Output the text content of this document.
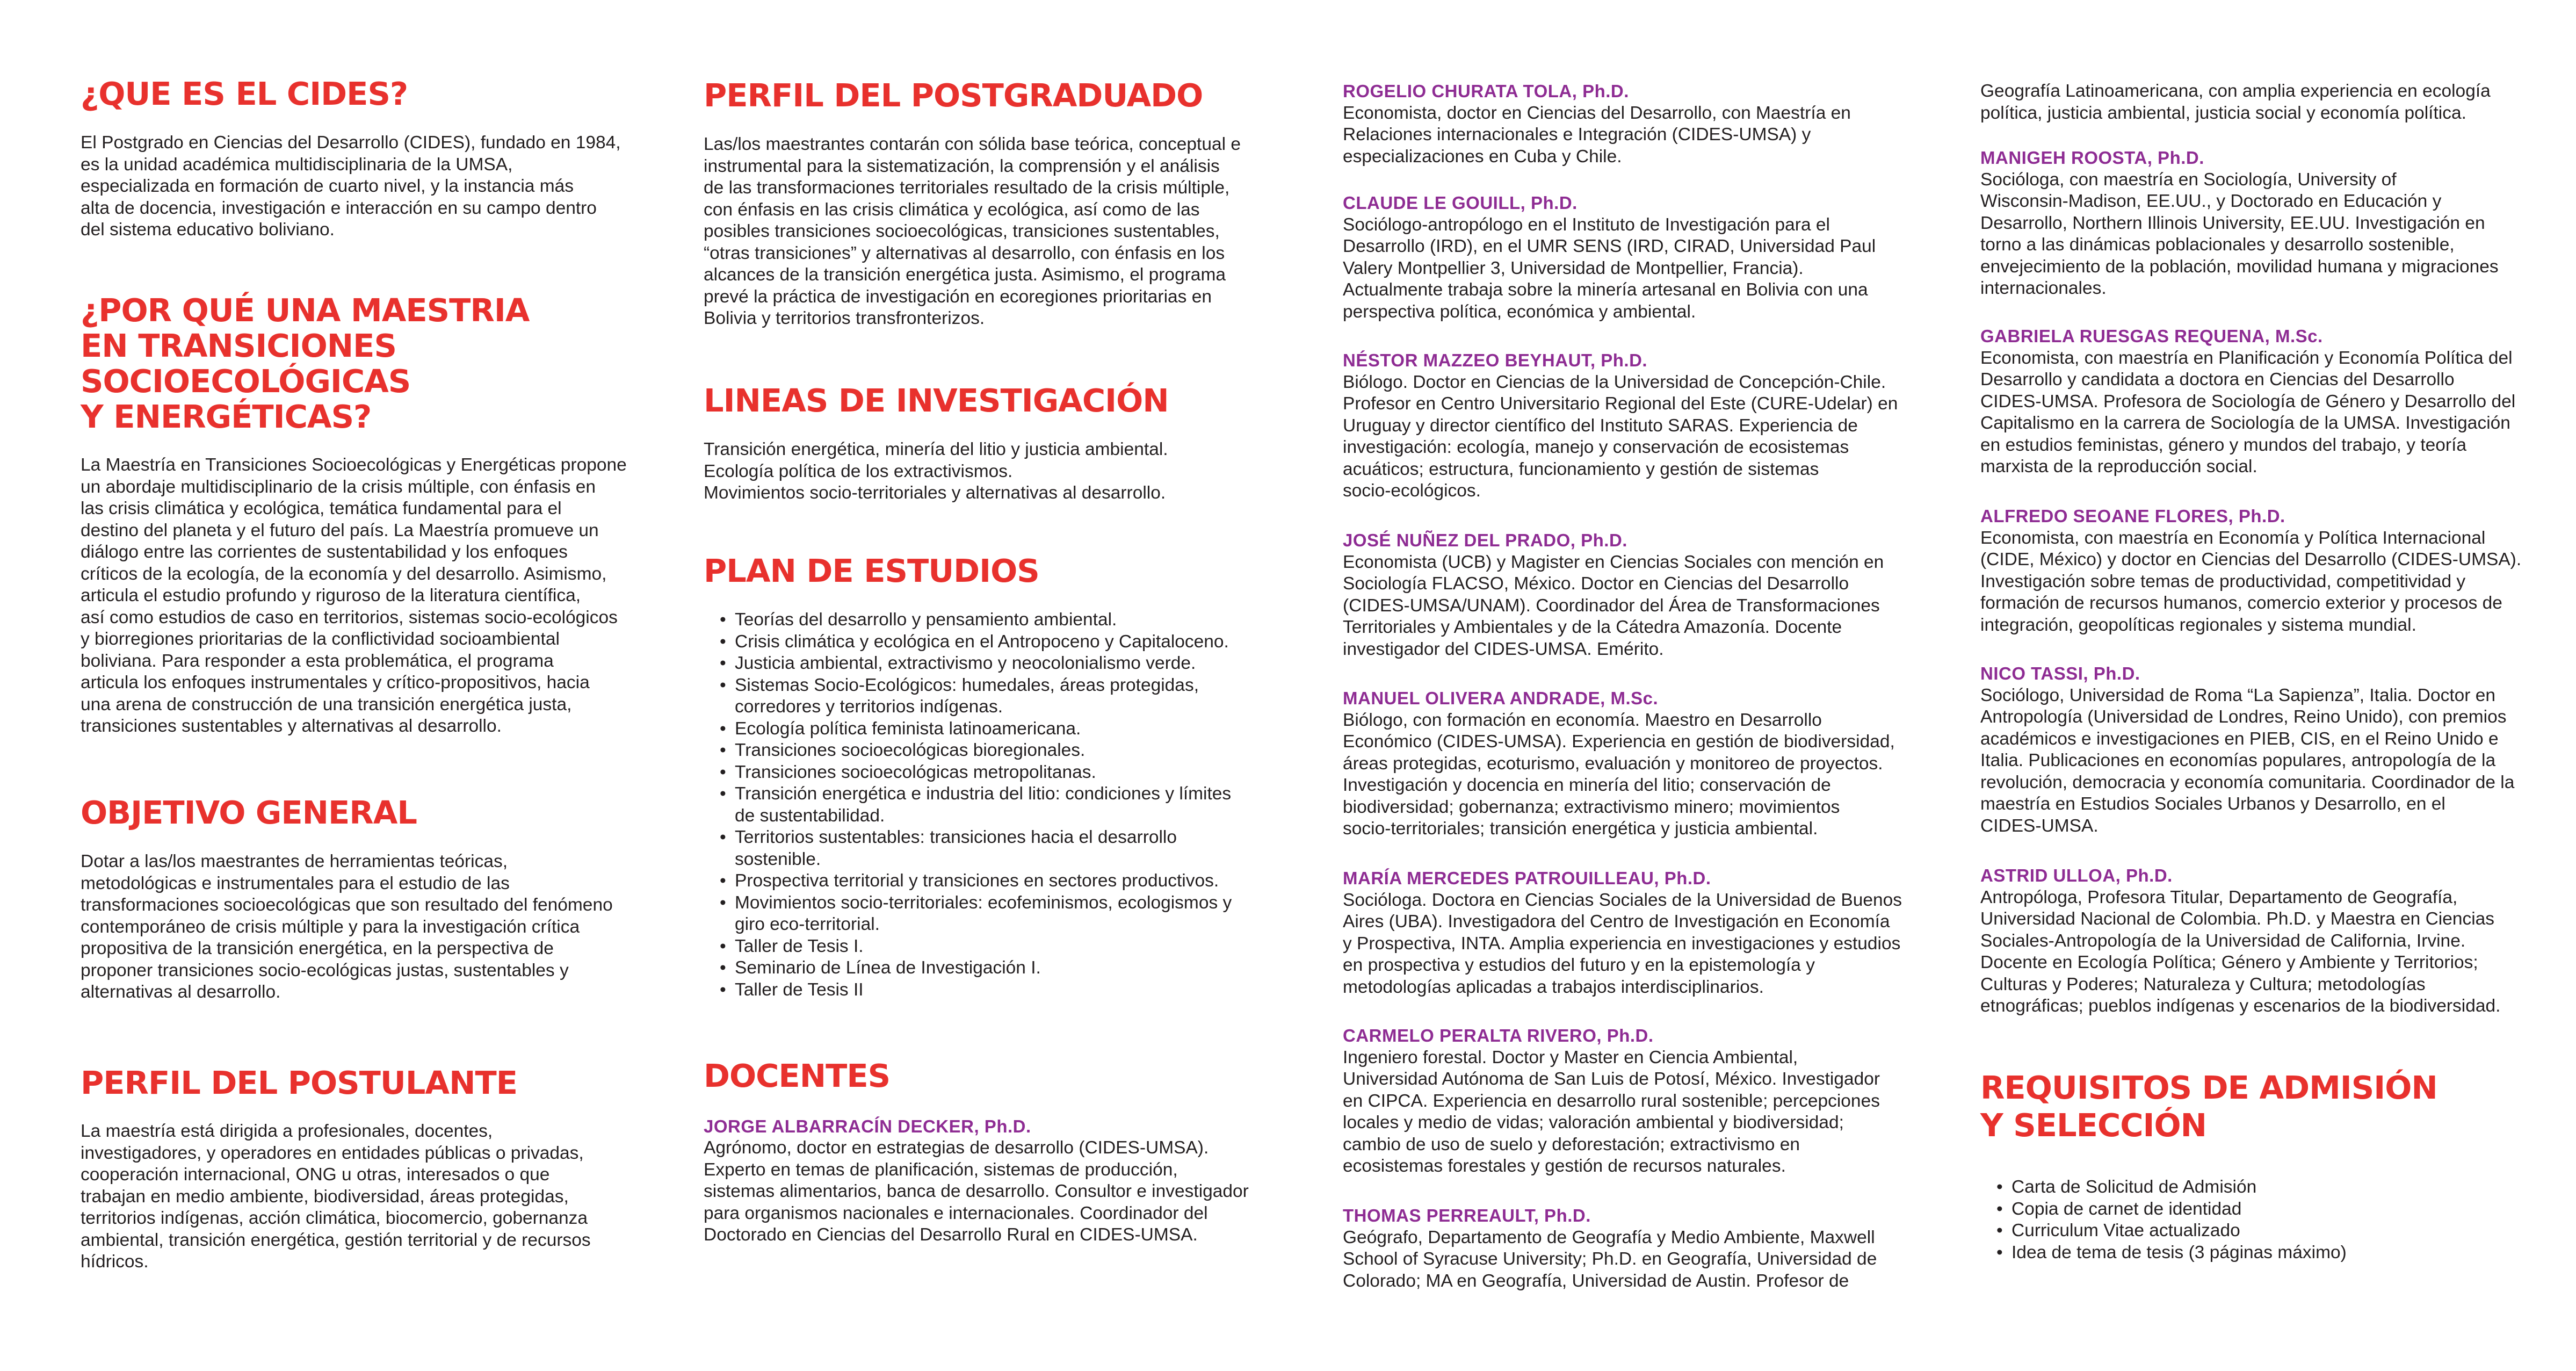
¿QUE ES EL CIDES?

El Postgrado en Ciencias del Desarrollo (CIDES), fundado en 1984,
es la unidad académica multidisciplinaria de la UMSA,
especializada en formación de cuarto nivel, y la instancia más
alta de docencia, investigación e interacción en su campo dentro
del sistema educativo boliviano.

¿POR QUÉ UNA MAESTRIA
EN TRANSICIONES
SOCIOECOLÓGICAS
Y ENERGÉTICAS?

La Maestría en Transiciones Socioecológicas y Energéticas propone
un abordaje multidisciplinario de la crisis múltiple, con énfasis en
las crisis climática y ecológica, temática fundamental para el
destino del planeta y el futuro del país. La Maestría promueve un
diálogo entre las corrientes de sustentabilidad y los enfoques
críticos de la ecología, de la economía y del desarrollo. Asimismo,
articula el estudio profundo y riguroso de la literatura científica,
así como estudios de caso en territorios, sistemas socio-ecológicos
y biorregiones prioritarias de la conflictividad socioambiental
boliviana. Para responder a esta problemática, el programa
articula los enfoques instrumentales y crítico-propositivos, hacia
una arena de construcción de una transición energética justa,
transiciones sustentables y alternativas al desarrollo.

OBJETIVO GENERAL

Dotar a las/los maestrantes de herramientas teóricas,
metodológicas e instrumentales para el estudio de las
transformaciones socioecológicas que son resultado del fenómeno
contemporáneo de crisis múltiple y para la investigación crítica
propositiva de la transición energética, en la perspectiva de
proponer transiciones socio-ecológicas justas, sustentables y
alternativas al desarrollo.

PERFIL DEL POSTULANTE

La maestría está dirigida a profesionales, docentes,
investigadores, y operadores en entidades públicas o privadas,
cooperación internacional, ONG u otras, interesados o que
trabajan en medio ambiente, biodiversidad, áreas protegidas,
territorios indígenas, acción climática, biocomercio, gobernanza
ambiental, transición energética, gestión territorial y de recursos
hídricos.

PERFIL DEL POSTGRADUADO

Las/los maestrantes contarán con sólida base teórica, conceptual e
instrumental para la sistematización, la comprensión y el análisis
de las transformaciones territoriales resultado de la crisis múltiple,
con énfasis en las crisis climática y ecológica, así como de las
posibles transiciones socioecológicas, transiciones sustentables,
“otras transiciones” y alternativas al desarrollo, con énfasis en los
alcances de la transición energética justa. Asimismo, el programa
prevé la práctica de investigación en ecoregiones prioritarias en
Bolivia y territorios transfronterizos.

LINEAS DE INVESTIGACIÓN

Transición energética, minería del litio y justicia ambiental.
Ecología política de los extractivismos.
Movimientos socio-territoriales y alternativas al desarrollo.

PLAN DE ESTUDIOS
• Teorías del desarrollo y pensamiento ambiental.
• Crisis climática y ecológica en el Antropoceno y Capitaloceno.
• Justicia ambiental, extractivismo y neocolonialismo verde.
• Sistemas Socio-Ecológicos: humedales, áreas protegidas,
corredores y territorios indígenas.
• Ecología política feminista latinoamericana.
• Transiciones socioecológicas bioregionales.
• Transiciones socioecológicas metropolitanas.
• Transición energética e industria del litio: condiciones y límites
de sustentabilidad.
• Territorios sustentables: transiciones hacia el desarrollo
sostenible.
• Prospectiva territorial y transiciones en sectores productivos.
• Movimientos socio-territoriales: ecofeminismos, ecologismos y
giro eco-territorial.
• Taller de Tesis I.
• Seminario de Línea de Investigación I.
• Taller de Tesis II
DOCENTES

JORGE ALBARRACÍN DECKER, Ph.D.

Agrónomo, doctor en estrategias de desarrollo (CIDES-UMSA).
Experto en temas de planificación, sistemas de producción,
sistemas alimentarios, banca de desarrollo. Consultor e investigador
para organismos nacionales e internacionales. Coordinador del
Doctorado en Ciencias del Desarrollo Rural en CIDES-UMSA.

ROGELIO CHURATA TOLA, Ph.D.

Economista, doctor en Ciencias del Desarrollo, con Maestría en
Relaciones internacionales e Integración (CIDES-UMSA) y
especializaciones en Cuba y Chile.

CLAUDE LE GOUILL, Ph.D.

Sociólogo-antropólogo en el Instituto de Investigación para el
Desarrollo (IRD), en el UMR SENS (IRD, CIRAD, Universidad Paul
Valery Montpellier 3, Universidad de Montpellier, Francia).
Actualmente trabaja sobre la minería artesanal en Bolivia con una
perspectiva política, económica y ambiental.

NÉSTOR MAZZEO BEYHAUT, Ph.D.

Biólogo. Doctor en Ciencias de la Universidad de Concepción-Chile.
Profesor en Centro Universitario Regional del Este (CURE-Udelar) en
Uruguay y director científico del Instituto SARAS. Experiencia de
investigación: ecología, manejo y conservación de ecosistemas
acuáticos; estructura, funcionamiento y gestión de sistemas
socio-ecológicos.

JOSÉ NUÑEZ DEL PRADO, Ph.D.

Economista (UCB) y Magister en Ciencias Sociales con mención en
Sociología FLACSO, México. Doctor en Ciencias del Desarrollo
(CIDES-UMSA/UNAM). Coordinador del Área de Transformaciones
Territoriales y Ambientales y de la Cátedra Amazonía. Docente
investigador del CIDES-UMSA. Emérito.

MANUEL OLIVERA ANDRADE, M.Sc.

Biólogo, con formación en economía. Maestro en Desarrollo
Económico (CIDES-UMSA). Experiencia en gestión de biodiversidad,
áreas protegidas, ecoturismo, evaluación y monitoreo de proyectos.
Investigación y docencia en minería del litio; conservación de
biodiversidad; gobernanza; extractivismo minero; movimientos
socio-territoriales; transición energética y justicia ambiental.

MARÍA MERCEDES PATROUILLEAU, Ph.D.

Socióloga. Doctora en Ciencias Sociales de la Universidad de Buenos
Aires (UBA). Investigadora del Centro de Investigación en Economía
y Prospectiva, INTA. Amplia experiencia en investigaciones y estudios
en prospectiva y estudios del futuro y en la epistemología y
metodologías aplicadas a trabajos interdisciplinarios.

CARMELO PERALTA RIVERO, Ph.D.

Ingeniero forestal. Doctor y Master en Ciencia Ambiental,
Universidad Autónoma de San Luis de Potosí, México. Investigador
en CIPCA. Experiencia en desarrollo rural sostenible; percepciones
locales y medio de vidas; valoración ambiental y biodiversidad;
cambio de uso de suelo y deforestación; extractivismo en
ecosistemas forestales y gestión de recursos naturales.

THOMAS PERREAULT, Ph.D.

Geógrafo, Departamento de Geografía y Medio Ambiente, Maxwell
School of Syracuse University; Ph.D. en Geografía, Universidad de
Colorado; MA en Geografía, Universidad de Austin. Profesor de

Geografía Latinoamericana, con amplia experiencia en ecología
política, justicia ambiental, justicia social y economía política.

MANIGEH ROOSTA, Ph.D.

Socióloga, con maestría en Sociología, University of
Wisconsin-Madison, EE.UU., y Doctorado en Educación y
Desarrollo, Northern Illinois University, EE.UU. Investigación en
torno a las dinámicas poblacionales y desarrollo sostenible,
envejecimiento de la población, movilidad humana y migraciones
internacionales.

GABRIELA RUESGAS REQUENA, M.Sc.

Economista, con maestría en Planificación y Economía Política del
Desarrollo y candidata a doctora en Ciencias del Desarrollo
CIDES-UMSA. Profesora de Sociología de Género y Desarrollo del
Capitalismo en la carrera de Sociología de la UMSA. Investigación
en estudios feministas, género y mundos del trabajo, y teoría
marxista de la reproducción social.

ALFREDO SEOANE FLORES, Ph.D.

Economista, con maestría en Economía y Política Internacional
(CIDE, México) y doctor en Ciencias del Desarrollo (CIDES-UMSA).
Investigación sobre temas de productividad, competitividad y
formación de recursos humanos, comercio exterior y procesos de
integración, geopolíticas regionales y sistema mundial.

NICO TASSI, Ph.D.

Sociólogo, Universidad de Roma “La Sapienza”, Italia. Doctor en
Antropología (Universidad de Londres, Reino Unido), con premios
académicos e investigaciones en PIEB, CIS, en el Reino Unido e
Italia. Publicaciones en economías populares, antropología de la
revolución, democracia y economía comunitaria. Coordinador de la
maestría en Estudios Sociales Urbanos y Desarrollo, en el
CIDES-UMSA.

ASTRID ULLOA, Ph.D.

Antropóloga, Profesora Titular, Departamento de Geografía,
Universidad Nacional de Colombia. Ph.D. y Maestra en Ciencias
Sociales-Antropología de la Universidad de California, Irvine.
Docente en Ecología Política; Género y Ambiente y Territorios;
Culturas y Poderes; Naturaleza y Cultura; metodologías
etnográficas; pueblos indígenas y escenarios de la biodiversidad.

REQUISITOS DE ADMISIÓN
Y SELECCIÓN
• Carta de Solicitud de Admisión
• Copia de carnet de identidad
• Curriculum Vitae actualizado
• Idea de tema de tesis (3 páginas máximo)
